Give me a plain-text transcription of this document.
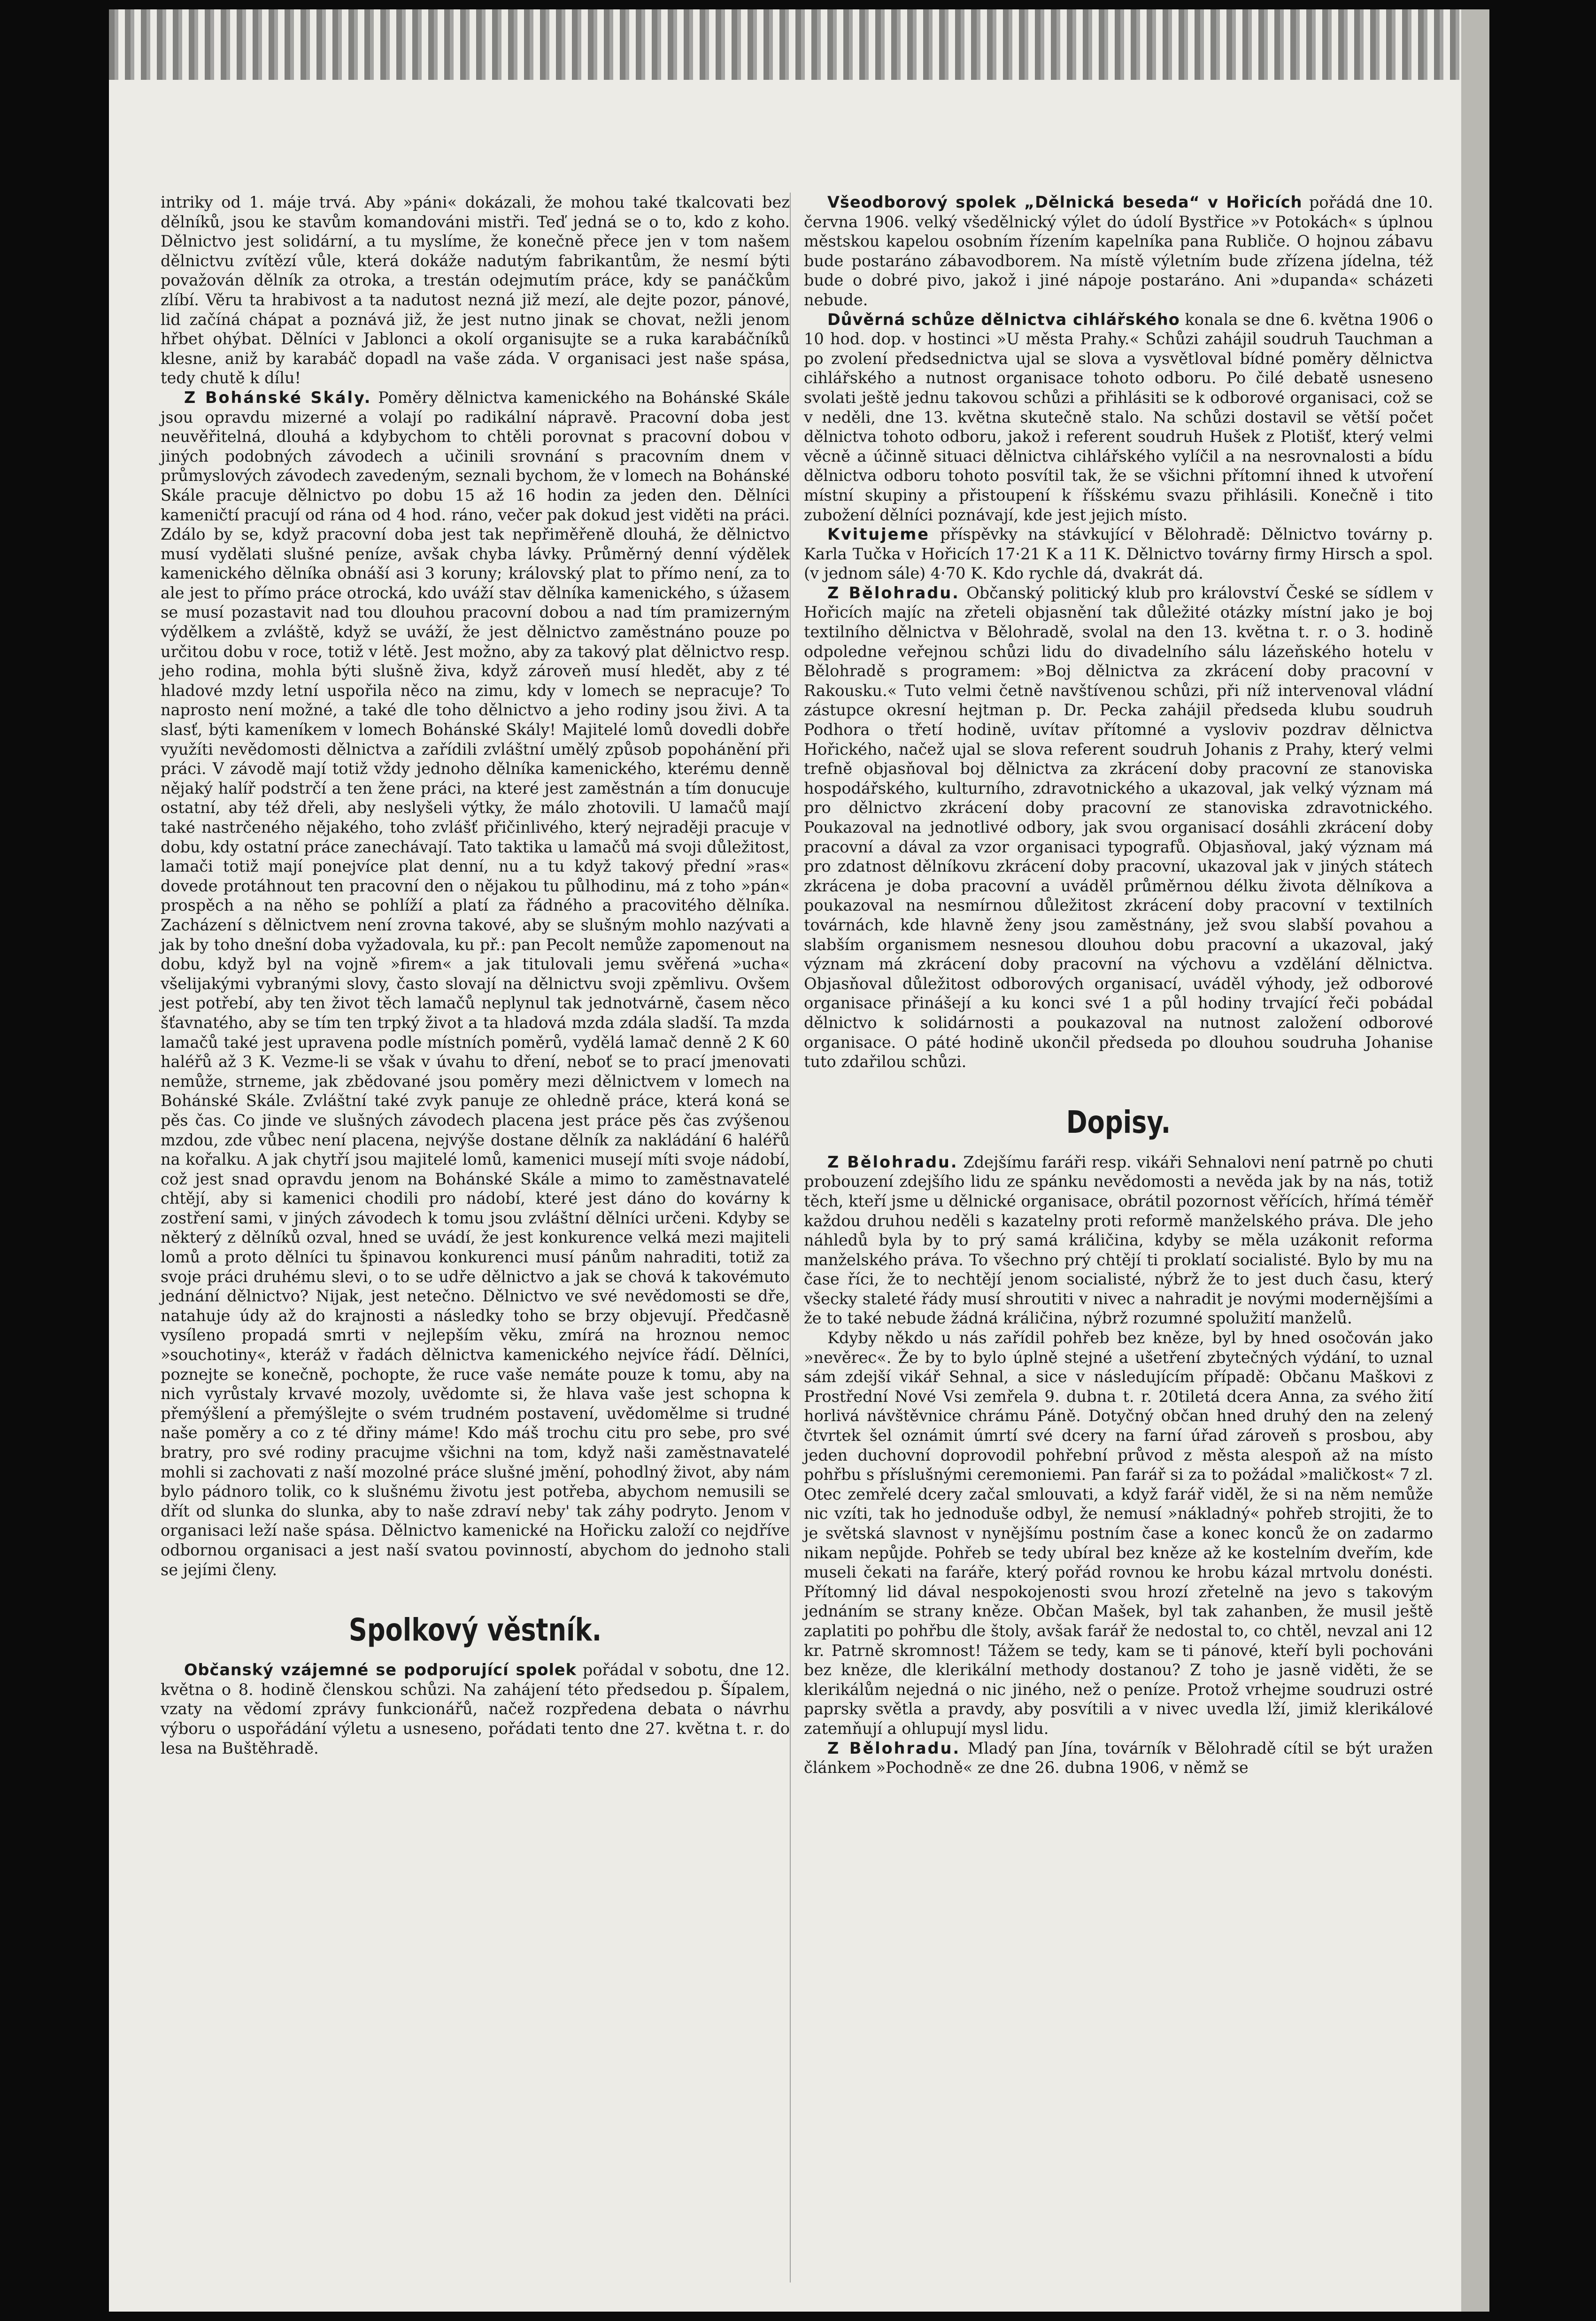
intriky od 1. máje trvá. Aby »páni« dokázali, že mohou také tkalcovati bez dělníků, jsou ke stavům komandováni mistři. Teď jedná se o to, kdo z koho. Dělnictvo jest solidární, a tu myslíme, že konečně přece jen v tom našem dělnictvu zvítězí vůle, která dokáže nadutým fabrikantům, že nesmí býti považován dělník za otroka, a trestán odejmutím práce, kdy se panáčkům zlíbí. Věru ta hrabivost a ta nadutost nezná již mezí, ale dejte pozor, pánové, lid začíná chápat a poznává již, že jest nutno jinak se chovat, nežli jenom hřbet ohýbat. Dělníci v Jablonci a okolí organisujte se a ruka karabáčníků klesne, aniž by karabáč dopadl na vaše záda. V organisaci jest naše spása, tedy chutě k dílu!

Z Bohánské Skály. Poměry dělnictva kamenického na Bohánské Skále jsou opravdu mizerné a volají po radikální nápravě. Pracovní doba jest neuvěřitelná, dlouhá a kdybychom to chtěli porovnat s pracovní dobou v jiných podobných závodech a učinili srovnání s pracovním dnem v průmyslových závodech zavedeným, seznali bychom, že v lomech na Bohánské Skále pracuje dělnictvo po dobu 15 až 16 hodin za jeden den. Dělníci kameničtí pracují od rána od 4 hod. ráno, večer pak dokud jest viděti na práci. Zdálo by se, když pracovní doba jest tak nepřiměřeně dlouhá, že dělnictvo musí vydělati slušné peníze, avšak chyba lávky. Průměrný denní výdělek kamenického dělníka obnáší asi 3 koruny; královský plat to přímo není, za to ale jest to přímo práce otrocká, kdo uváží stav dělníka kamenického, s úžasem se musí pozastavit nad tou dlouhou pracovní dobou a nad tím pramizerným výdělkem a zvláště, když se uváží, že jest dělnictvo zaměstnáno pouze po určitou dobu v roce, totiž v létě. Jest možno, aby za takový plat dělnictvo resp. jeho rodina, mohla býti slušně živa, když zároveň musí hledět, aby z té hladové mzdy letní uspořila něco na zimu, kdy v lomech se nepracuje? To naprosto není možné, a také dle toho dělnictvo a jeho rodiny jsou živi. A ta slasť, býti kameníkem v lomech Bohánské Skály! Majitelé lomů dovedli dobře využíti nevědomosti dělnictva a zařídili zvláštní umělý způsob popohánění při práci. V závodě mají totiž vždy jednoho dělníka kamenického, kterému denně nějaký halíř podstrčí a ten žene práci, na které jest zaměstnán a tím donucuje ostatní, aby též dřeli, aby neslyšeli výtky, že málo zhotovili. U lamačů mají také nastrčeného nějakého, toho zvlášť přičinlivého, který nejraději pracuje v dobu, kdy ostatní práce zanechávají. Tato taktika u lamačů má svoji důležitost, lamači totiž mají ponejvíce plat denní, nu a tu když takový přední »ras« dovede protáhnout ten pracovní den o nějakou tu půlhodinu, má z toho »pán« prospěch a na něho se pohlíží a platí za řádného a pracovitého dělníka. Zacházení s dělnictvem není zrovna takové, aby se slušným mohlo nazývati a jak by toho dnešní doba vyžadovala, ku př.: pan Pecolt nemůže zapomenout na dobu, když byl na vojně »firem« a jak titulovali jemu svěřená »ucha« všelijakými vybranými slovy, často slovají na dělnictvu svoji zpěmlivu. Ovšem jest potřebí, aby ten život těch lamačů neplynul tak jednotvárně, časem něco šťavnatého, aby se tím ten trpký život a ta hladová mzda zdála sladší. Ta mzda lamačů také jest upravena podle místních poměrů, vydělá lamač denně 2 K 60 haléřů až 3 K. Vezme-li se však v úvahu to dření, neboť se to prací jmenovati nemůže, strneme, jak zbědované jsou poměry mezi dělnictvem v lomech na Bohánské Skále. Zvláštní také zvyk panuje ze ohledně práce, která koná se pěs čas. Co jinde ve slušných závodech placena jest práce pěs čas zvýšenou mzdou, zde vůbec není placena, nejvýše dostane dělník za nakládání 6 haléřů na kořalku. A jak chytří jsou majitelé lomů, kamenici musejí míti svoje nádobí, což jest snad opravdu jenom na Bohánské Skále a mimo to zaměstnavatelé chtějí, aby si kamenici chodili pro nádobí, které jest dáno do kovárny k zostření sami, v jiných závodech k tomu jsou zvláštní dělníci určeni. Kdyby se některý z dělníků ozval, hned se uvádí, že jest konkurence velká mezi majiteli lomů a proto dělníci tu špinavou konkurenci musí pánům nahraditi, totiž za svoje práci druhému slevi, o to se udře dělnictvo a jak se chová k takovémuto jednání dělnictvo? Nijak, jest netečno. Dělnictvo ve své nevědomosti se dře, natahuje údy až do krajnosti a následky toho se brzy objevují. Předčasně vysíleno propadá smrti v nejlepším věku, zmírá na hroznou nemoc »souchotiny«, kteráž v řadách dělnictva kamenického nejvíce řádí. Dělníci, poznejte se konečně, pochopte, že ruce vaše nemáte pouze k tomu, aby na nich vyrůstaly krvavé mozoly, uvědomte si, že hlava vaše jest schopna k přemýšlení a přemýšlejte o svém trudném postavení, uvědomělme si trudné naše poměry a co z té dřiny máme! Kdo máš trochu citu pro sebe, pro své bratry, pro své rodiny pracujme všichni na tom, když naši zaměstnavatelé mohli si zachovati z naší mozolné práce slušné jmění, pohodlný život, aby nám bylo pádnoro tolik, co k slušnému životu jest potřeba, abychom nemusili se dřít od slunka do slunka, aby to naše zdraví neby' tak záhy podryto. Jenom v organisaci leží naše spása. Dělnictvo kamenické na Hořicku založí co nejdříve odbornou organisaci a jest naší svatou povinností, abychom do jednoho stali se jejími členy.

Spolkový věstník.

Občanský vzájemné se podporující spolek pořádal v sobotu, dne 12. května o 8. hodině členskou schůzi. Na zahájení této předsedou p. Šípalem, vzaty na vědomí zprávy funkcionářů, načež rozpředena debata o návrhu výboru o uspořádání výletu a usneseno, pořádati tento dne 27. května t. r. do lesa na Buštěhradě.

Všeodborový spolek „Dělnická beseda“ v Hořicích pořádá dne 10. června 1906. velký všedělnický výlet do údolí Bystřice »v Potokách« s úplnou městskou kapelou osobním řízením kapelníka pana Rubliče. O hojnou zábavu bude postaráno zábavodborem. Na místě výletním bude zřízena jídelna, též bude o dobré pivo, jakož i jiné nápoje postaráno. Ani »dupanda« scházeti nebude.

Důvěrná schůze dělnictva cihlářského konala se dne 6. května 1906 o 10 hod. dop. v hostinci »U města Prahy.« Schůzi zahájil soudruh Tauchman a po zvolení předsednictva ujal se slova a vysvětloval bídné poměry dělnictva cihlářského a nutnost organisace tohoto odboru. Po čilé debatě usneseno svolati ještě jednu takovou schůzi a přihlásiti se k odborové organisaci, což se v neděli, dne 13. května skutečně stalo. Na schůzi dostavil se větší počet dělnictva tohoto odboru, jakož i referent soudruh Hušek z Plotišť, který velmi věcně a účinně situaci dělnictva cihlářského vylíčil a na nesrovnalosti a bídu dělnictva odboru tohoto posvítil tak, že se všichni přítomní ihned k utvoření místní skupiny a přistoupení k říšskému svazu přihlásili. Konečně i tito zubožení dělníci poznávají, kde jest jejich místo.

Kvitujeme příspěvky na stávkující v Bělohradě: Dělnictvo továrny p. Karla Tučka v Hořicích 17·21 K a 11 K. Dělnictvo továrny firmy Hirsch a spol. (v jednom sále) 4·70 K. Kdo rychle dá, dvakrát dá.

Z Bělohradu. Občanský politický klub pro království České se sídlem v Hořicích majíc na zřeteli objasnění tak důležité otázky místní jako je boj textilního dělnictva v Bělohradě, svolal na den 13. května t. r. o 3. hodině odpoledne veřejnou schůzi lidu do divadelního sálu lázeňského hotelu v Bělohradě s programem: »Boj dělnictva za zkrácení doby pracovní v Rakousku.« Tuto velmi četně navštívenou schůzi, při níž intervenoval vládní zástupce okresní hejtman p. Dr. Pecka zahájil předseda klubu soudruh Podhora o třetí hodině, uvítav přítomné a vysloviv pozdrav dělnictva Hořického, načež ujal se slova referent soudruh Johanis z Prahy, který velmi trefně objasňoval boj dělnictva za zkrácení doby pracovní ze stanoviska hospodářského, kulturního, zdravotnického a ukazoval, jak velký význam má pro dělnictvo zkrácení doby pracovní ze stanoviska zdravotnického. Poukazoval na jednotlivé odbory, jak svou organisací dosáhli zkrácení doby pracovní a dával za vzor organisaci typografů. Objasňoval, jaký význam má pro zdatnost dělníkovu zkrácení doby pracovní, ukazoval jak v jiných státech zkrácena je doba pracovní a uváděl průměrnou délku života dělníkova a poukazoval na nesmírnou důležitost zkrácení doby pracovní v textilních továrnách, kde hlavně ženy jsou zaměstnány, jež svou slabší povahou a slabším organismem nesnesou dlouhou dobu pracovní a ukazoval, jaký význam má zkrácení doby pracovní na výchovu a vzdělání dělnictva. Objasňoval důležitost odborových organisací, uváděl výhody, jež odborové organisace přinášejí a ku konci své 1 a půl hodiny trvající řeči pobádal dělnictvo k solidárnosti a poukazoval na nutnost založení odborové organisace. O páté hodině ukončil předseda po dlouhou soudruha Johanise tuto zdařilou schůzi.

Dopisy.

Z Bělohradu. Zdejšímu faráři resp. vikáři Sehnalovi není patrně po chuti probouzení zdejšího lidu ze spánku nevědomosti a nevěda jak by na nás, totiž těch, kteří jsme u dělnické organisace, obrátil pozornost věřících, hřímá téměř každou druhou neděli s kazatelny proti reformě manželského práva. Dle jeho náhledů byla by to prý samá králičina, kdyby se měla uzákonit reforma manželského práva. To všechno prý chtějí ti proklatí socialisté. Bylo by mu na čase říci, že to nechtějí jenom socialisté, nýbrž že to jest duch času, který všecky staleté řády musí shroutiti v nivec a nahradit je novými modernějšími a že to také nebude žádná králičina, nýbrž rozumné spolužití manželů.

Kdyby někdo u nás zařídil pohřeb bez kněze, byl by hned osočován jako »nevěrec«. Že by to bylo úplně stejné a ušetření zbytečných výdání, to uznal sám zdejší vikář Sehnal, a sice v následujícím případě: Občanu Maškovi z Prostřední Nové Vsi zemřela 9. dubna t. r. 20tiletá dcera Anna, za svého žití horlivá návštěvnice chrámu Páně. Dotyčný občan hned druhý den na zelený čtvrtek šel oznámit úmrtí své dcery na farní úřad zároveň s prosbou, aby jeden duchovní doprovodil pohřební průvod z města alespoň až na místo pohřbu s příslušnými ceremoniemi. Pan farář si za to požádal »maličkost« 7 zl. Otec zemřelé dcery začal smlouvati, a když farář viděl, že si na něm nemůže nic vzíti, tak ho jednoduše odbyl, že nemusí »nákladný« pohřeb strojiti, že to je světská slavnost v nynějšímu postním čase a konec konců že on zadarmo nikam nepůjde. Pohřeb se tedy ubíral bez kněze až ke kostelním dveřím, kde museli čekati na faráře, který pořád rovnou ke hrobu kázal mrtvolu donésti. Přítomný lid dával nespokojenosti svou hrozí zřetelně na jevo s takovým jednáním se strany kněze. Občan Mašek, byl tak zahanben, že musil ještě zaplatiti po pohřbu dle štoly, avšak farář že nedostal to, co chtěl, nevzal ani 12 kr. Patrně skromnost! Tážem se tedy, kam se ti pánové, kteří byli pochováni bez kněze, dle klerikální methody dostanou? Z toho je jasně viděti, že se klerikálům nejedná o nic jiného, než o peníze. Protož vrhejme soudruzi ostré paprsky světla a pravdy, aby posvítili a v nivec uvedla lží, jimiž klerikálové zatemňují a ohlupují mysl lidu.

Z Bělohradu. Mladý pan Jína, továrník v Bělohradě cítil se být uražen článkem »Pochodně« ze dne 26. dubna 1906, v němž se
